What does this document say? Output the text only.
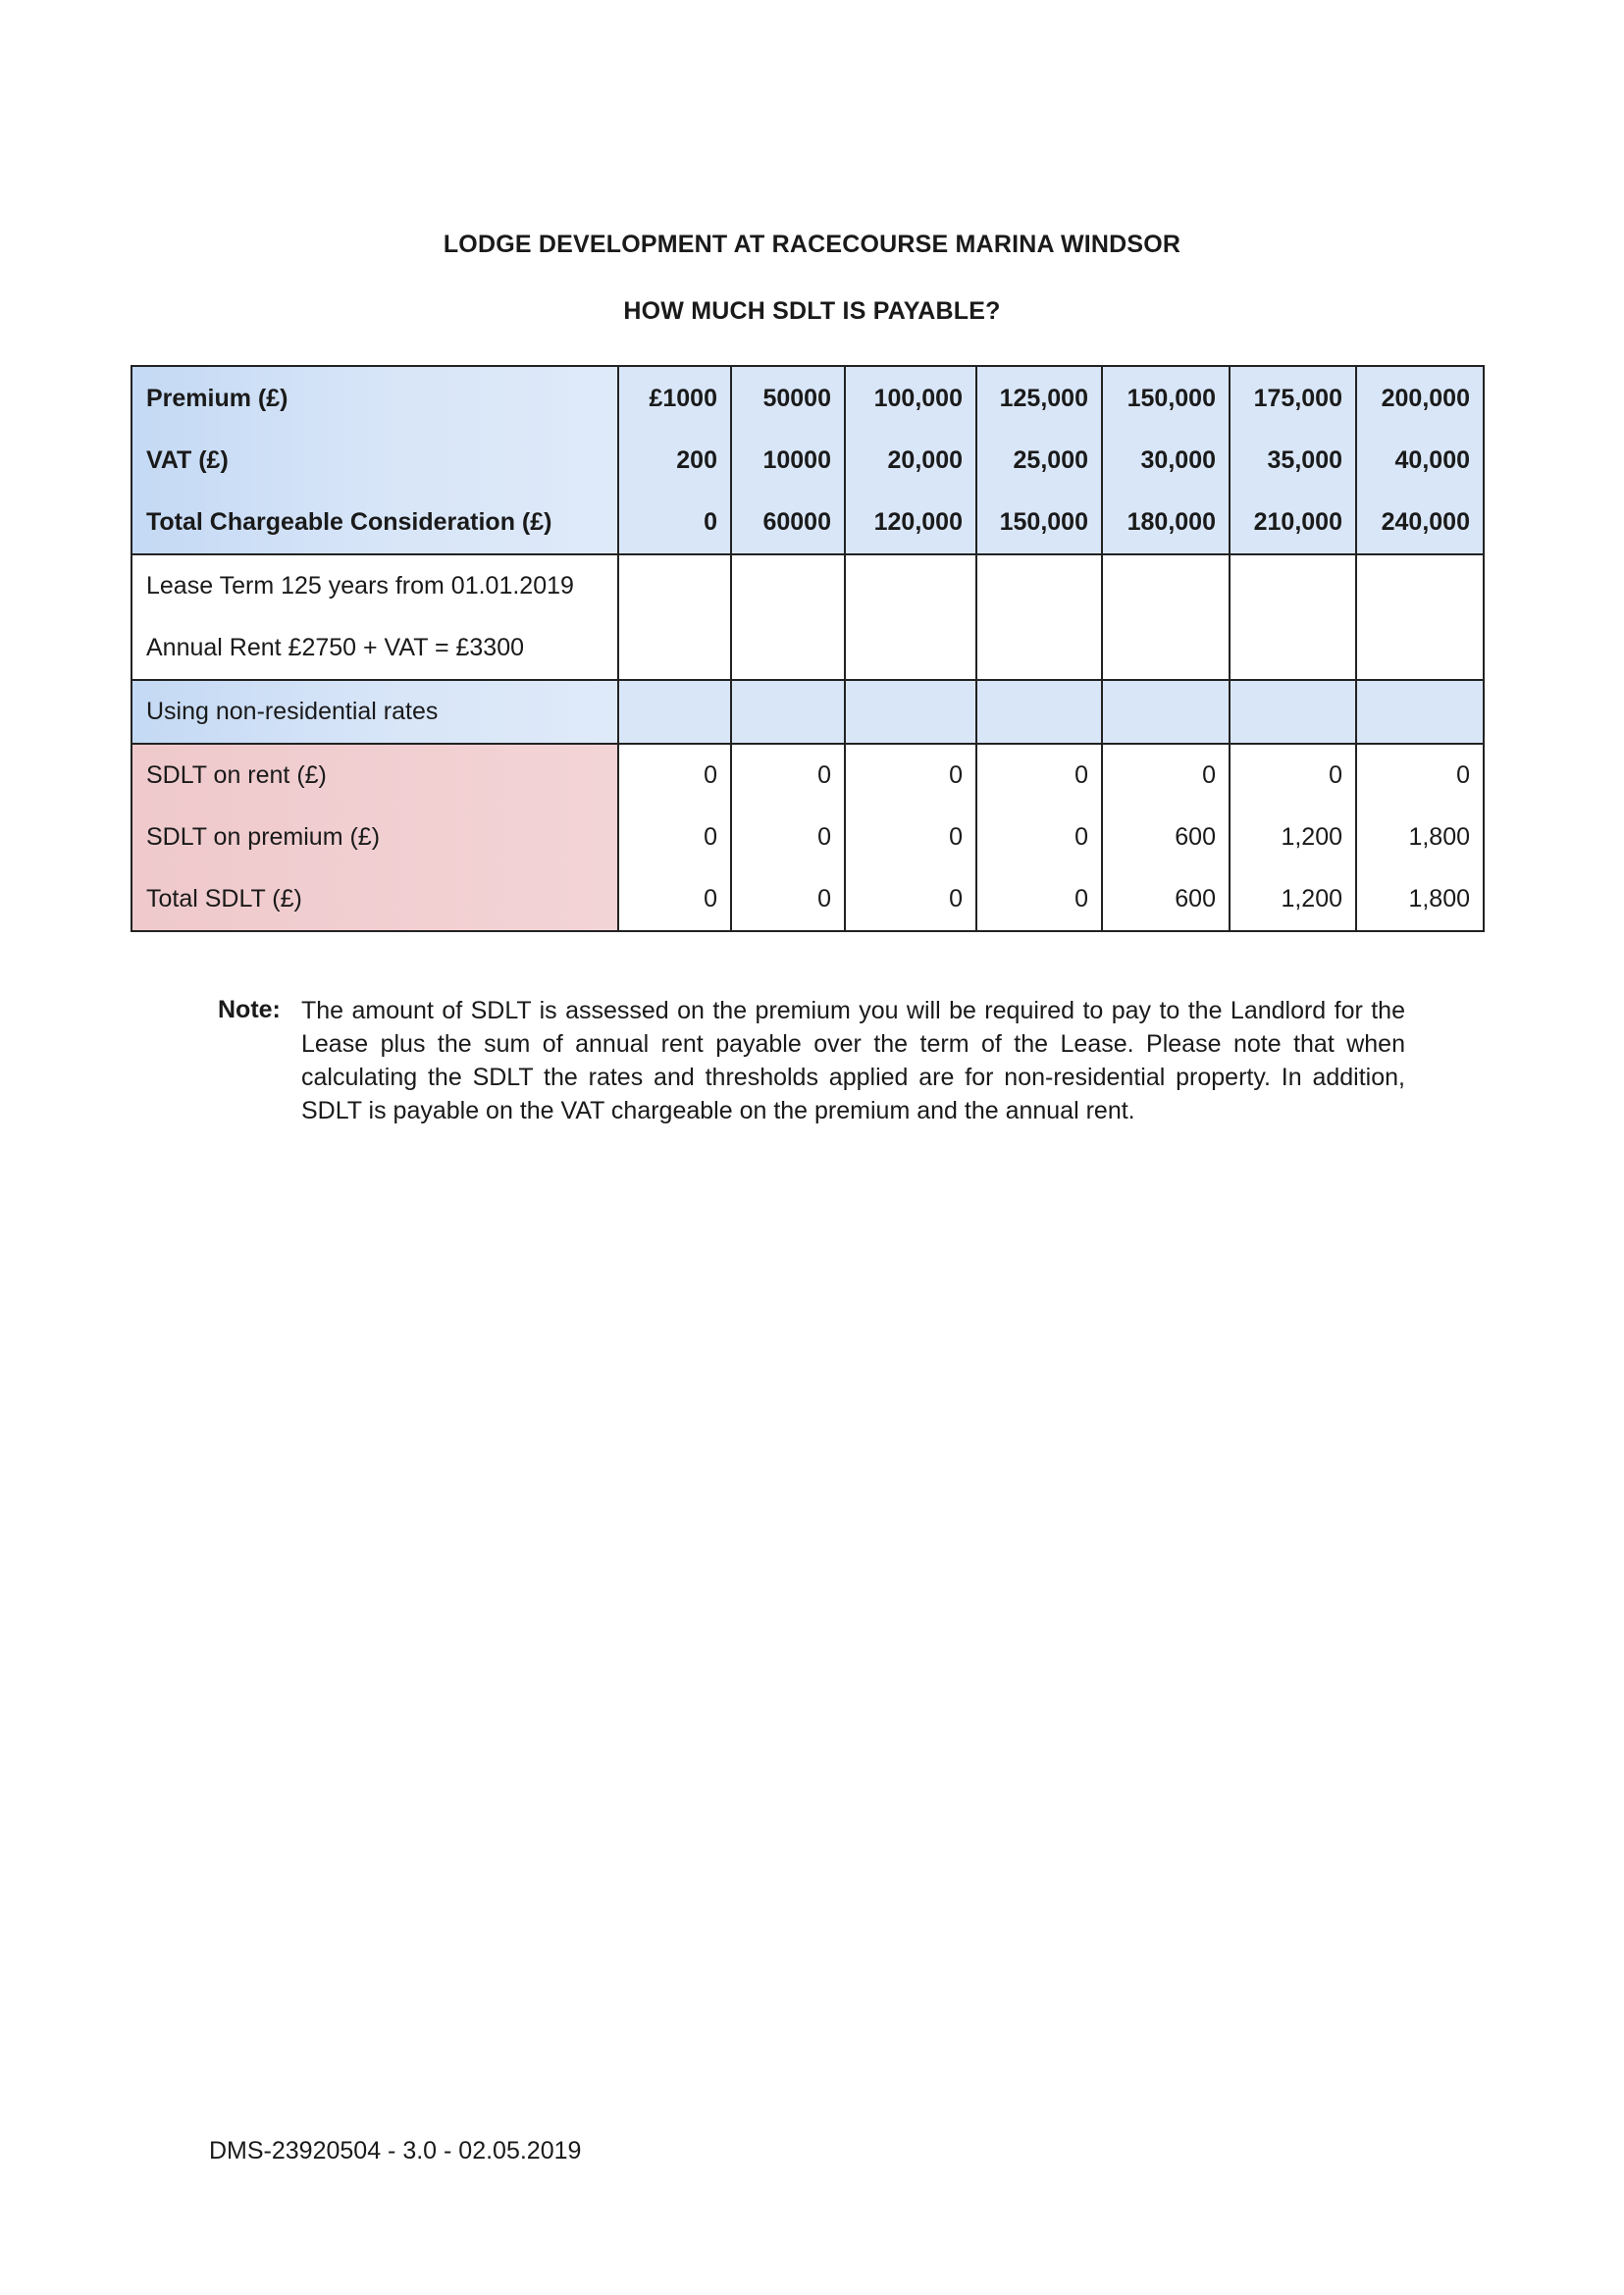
LODGE DEVELOPMENT AT RACECOURSE MARINA WINDSOR
HOW MUCH SDLT IS PAYABLE?
Premium (£)	£1000	50000	100,000	125,000	150,000	175,000	200,000
VAT (£)	200	10000	20,000	25,000	30,000	35,000	40,000
Total Chargeable Consideration (£)	0	60000	120,000	150,000	180,000	210,000	240,000
Lease Term 125 years from 01.01.2019							
Annual Rent £2750 + VAT = £3300							
Using non-residential rates							
SDLT on rent (£)	0	0	0	0	0	0	0
SDLT on premium (£)	0	0	0	0	600	1,200	1,800
Total SDLT (£)	0	0	0	0	600	1,200	1,800
Note: The amount of SDLT is assessed on the premium you will be required to pay to the Landlord for the Lease plus the sum of annual rent payable over the term of the Lease. Please note that when calculating the SDLT the rates and thresholds applied are for non-residential property. In addition, SDLT is payable on the VAT chargeable on the premium and the annual rent.
DMS-23920504 - 3.0 - 02.05.2019
